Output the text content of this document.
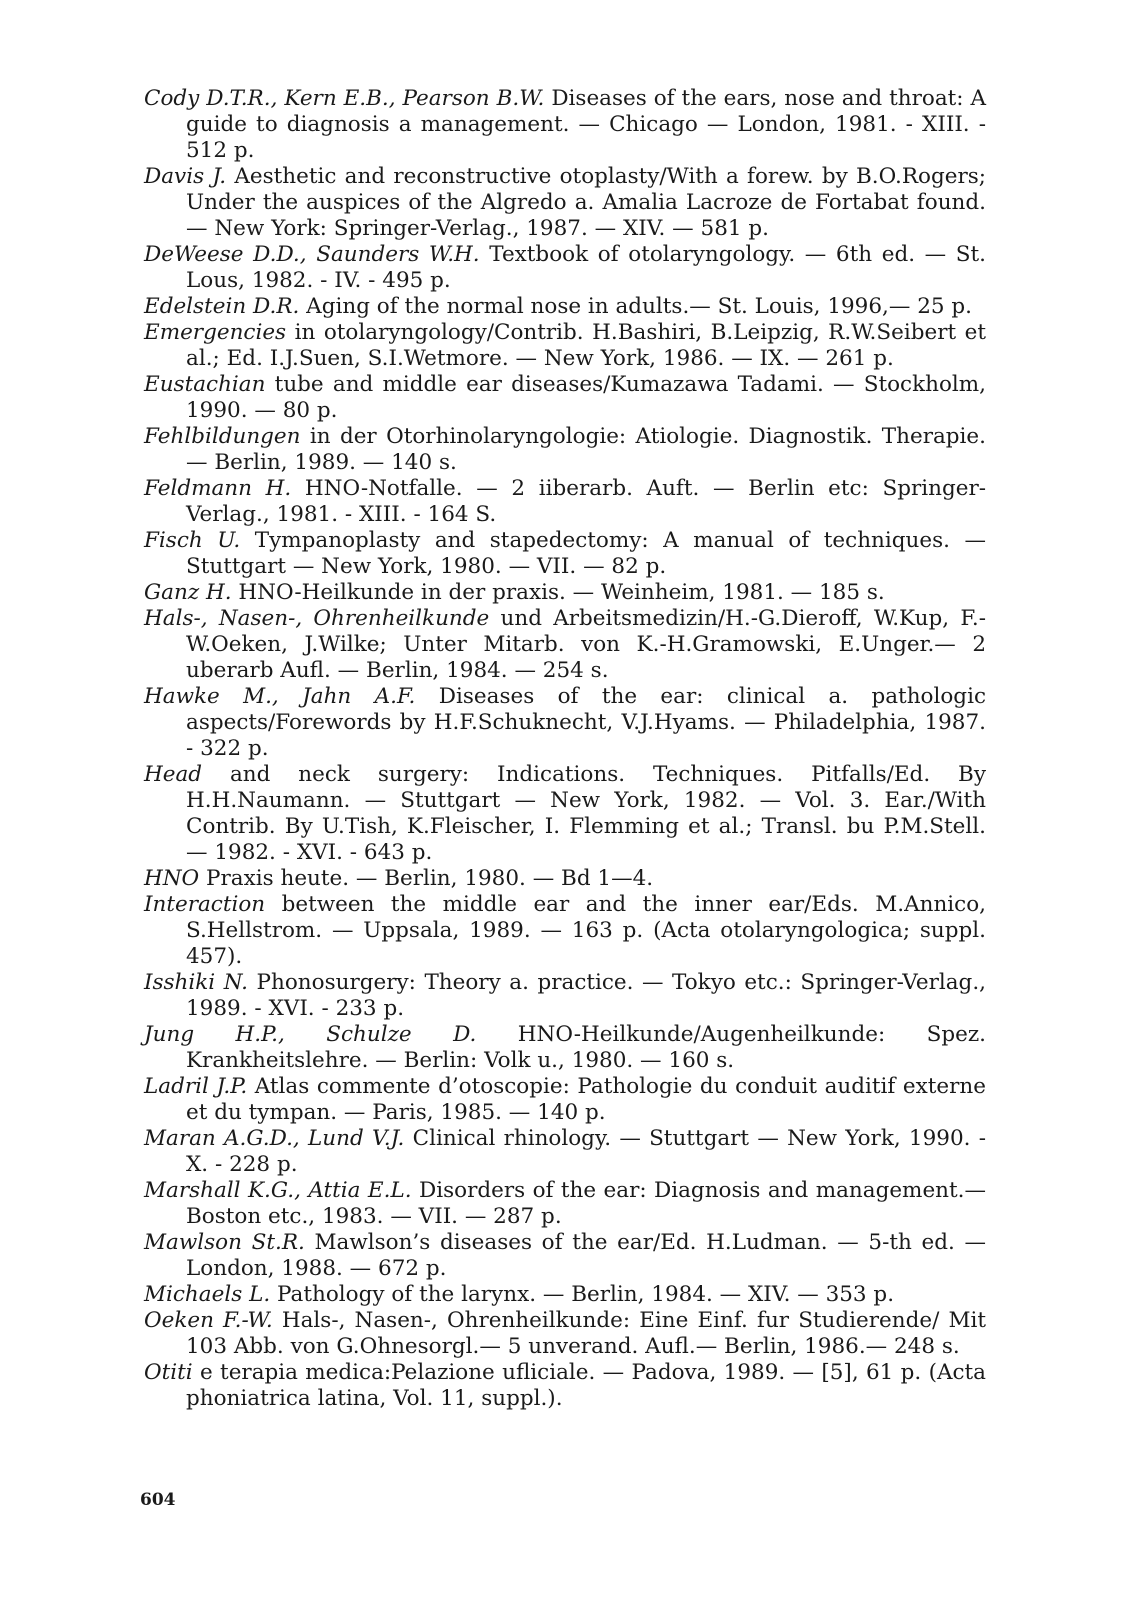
Cody D.T.R., Kern E.B., Pearson B.W. Diseases of the ears, nose and throat: A guide to diagnosis a management. — Chicago — London, 1981. - XIII. - 512 p.
Davis J. Aesthetic and reconstructive otoplasty/With a forew. by B.O.Rogers; Under the auspices of the Algredo a. Amalia Lacroze de Fortabat found. — New York: Springer-Verlag., 1987. — XIV. — 581 p.
DeWeese D.D., Saunders W.H. Textbook of otolaryngology. — 6th ed. — St. Lous, 1982. - IV. - 495 p.
Edelstein D.R. Aging of the normal nose in adults.— St. Louis, 1996,— 25 p.
Emergencies in otolaryngology/Contrib. H.Bashiri, B.Leipzig, R.W.Seibert et al.; Ed. I.J.Suen, S.I.Wetmore. — New York, 1986. — IX. — 261 p.
Eustachian tube and middle ear diseases/Kumazawa Tadami. — Stockholm, 1990. — 80 p.
Fehlbildungen in der Otorhinolaryngologie: Atiologie. Diagnostik. Therapie. — Berlin, 1989. — 140 s.
Feldmann H. HNO-Notfalle. — 2 iiberarb. Auft. — Berlin etc: Springer-Verlag., 1981. - XIII. - 164 S.
Fisch U. Tympanoplasty and stapedectomy: A manual of techniques. — Stuttgart — New York, 1980. — VII. — 82 p.
Ganz H. HNO-Heilkunde in der praxis. — Weinheim, 1981. — 185 s.
Hals-, Nasen-, Ohrenheilkunde und Arbeitsmedizin/H.-G.Dieroff, W.Kup, F.-W.Oeken, J.Wilke; Unter Mitarb. von K.-H.Gramowski, E.Unger.— 2 uberarb Aufl. — Berlin, 1984. — 254 s.
Hawke M., Jahn A.F. Diseases of the ear: clinical a. pathologic aspects/Forewords by H.F.Schuknecht, V.J.Hyams. — Philadelphia, 1987. - 322 p.
Head and neck surgery: Indications. Techniques. Pitfalls/Ed. By H.H.Naumann. — Stuttgart — New York, 1982. — Vol. 3. Ear./With Contrib. By U.Tish, K.Fleischer, I. Flemming et al.; Transl. bu P.M.Stell. — 1982. - XVI. - 643 p.
HNO Praxis heute. — Berlin, 1980. — Bd 1—4.
Interaction between the middle ear and the inner ear/Eds. M.Annico, S.Hellstrom. — Uppsala, 1989. — 163 p. (Acta otolaryngologica; suppl. 457).
Isshiki N. Phonosurgery: Theory a. practice. — Tokyo etc.: Springer-Verlag., 1989. - XVI. - 233 p.
Jung H.P., Schulze D. HNO-Heilkunde/Augenheilkunde: Spez. Krankheitslehre. — Berlin: Volk u., 1980. — 160 s.
Ladril J.P. Atlas commente d’otoscopie: Pathologie du conduit auditif externe et du tympan. — Paris, 1985. — 140 p.
Maran A.G.D., Lund V.J. Clinical rhinology. — Stuttgart — New York, 1990. - X. - 228 p.
Marshall K.G., Attia E.L. Disorders of the ear: Diagnosis and management.— Boston etc., 1983. — VII. — 287 p.
Mawlson St.R. Mawlson’s diseases of the ear/Ed. H.Ludman. — 5-th ed. — London, 1988. — 672 p.
Michaels L. Pathology of the larynx. — Berlin, 1984. — XIV. — 353 p.
Oeken F.-W. Hals-, Nasen-, Ohrenheilkunde: Eine Einf. fur Studierende/ Mit 103 Abb. von G.Ohnesorgl.— 5 unverand. Aufl.— Berlin, 1986.— 248 s.
Otiti e terapia medica:Pelazione ufliciale. — Padova, 1989. — [5], 61 p. (Acta phoniatrica latina, Vol. 11, suppl.).
604
